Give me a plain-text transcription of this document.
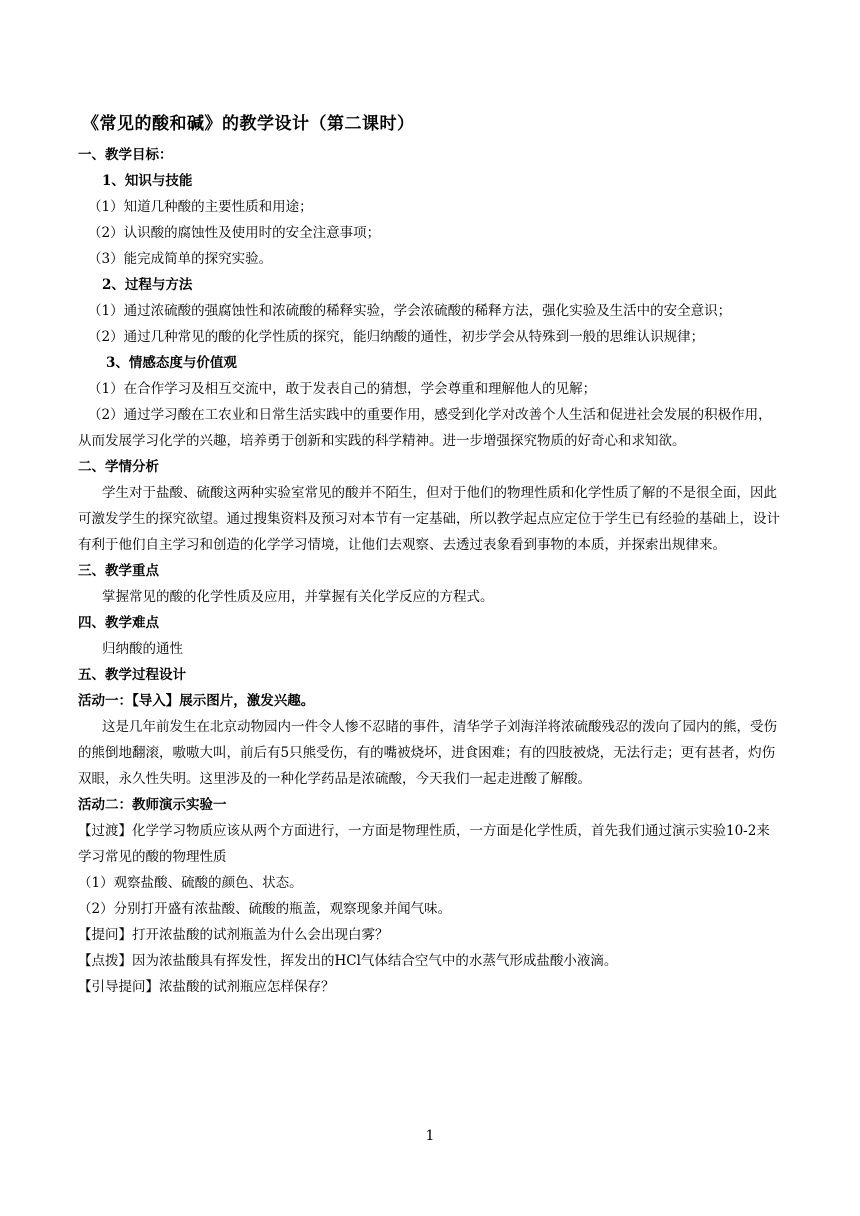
《常见的酸和碱》的教学设计（第二课时）

一、教学目标：

1、知识与技能

（1）知道几种酸的主要性质和用途；

（2）认识酸的腐蚀性及使用时的安全注意事项；

（3）能完成简单的探究实验。

2、过程与方法

（1）通过浓硫酸的强腐蚀性和浓硫酸的稀释实验，学会浓硫酸的稀释方法，强化实验及生活中的安全意识；

（2）通过几种常见的酸的化学性质的探究，能归纳酸的通性，初步学会从特殊到一般的思维认识规律；

3、情感态度与价值观

（1）在合作学习及相互交流中，敢于发表自己的猜想，学会尊重和理解他人的见解；

（2）通过学习酸在工农业和日常生活实践中的重要作用，感受到化学对改善个人生活和促进社会发展的积极作用，从而发展学习化学的兴趣，培养勇于创新和实践的科学精神。进一步增强探究物质的好奇心和求知欲。

二、学情分析

学生对于盐酸、硫酸这两种实验室常见的酸并不陌生，但对于他们的物理性质和化学性质了解的不是很全面，因此可激发学生的探究欲望。通过搜集资料及预习对本节有一定基础，所以教学起点应定位于学生已有经验的基础上，设计有利于他们自主学习和创造的化学学习情境，让他们去观察、去透过表象看到事物的本质，并探索出规律来。

三、教学重点

掌握常见的酸的化学性质及应用，并掌握有关化学反应的方程式。

四、教学难点

归纳酸的通性

五、教学过程设计

活动一：【导入】展示图片，激发兴趣。

这是几年前发生在北京动物园内一件令人惨不忍睹的事件，清华学子刘海洋将浓硫酸残忍的泼向了园内的熊，受伤的熊倒地翻滚，嗷嗷大叫，前后有5只熊受伤，有的嘴被烧坏，进食困难；有的四肢被烧，无法行走；更有甚者，灼伤双眼，永久性失明。这里涉及的一种化学药品是浓硫酸，今天我们一起走进酸了解酸。

活动二：教师演示实验一

【过渡】化学学习物质应该从两个方面进行，一方面是物理性质，一方面是化学性质，首先我们通过演示实验10-2来学习常见的酸的物理性质

（1）观察盐酸、硫酸的颜色、状态。

（2）分别打开盛有浓盐酸、硫酸的瓶盖，观察现象并闻气味。

【提问】打开浓盐酸的试剂瓶盖为什么会出现白雾？

【点拨】因为浓盐酸具有挥发性，挥发出的HCl气体结合空气中的水蒸气形成盐酸小液滴。

【引导提问】浓盐酸的试剂瓶应怎样保存？

1
